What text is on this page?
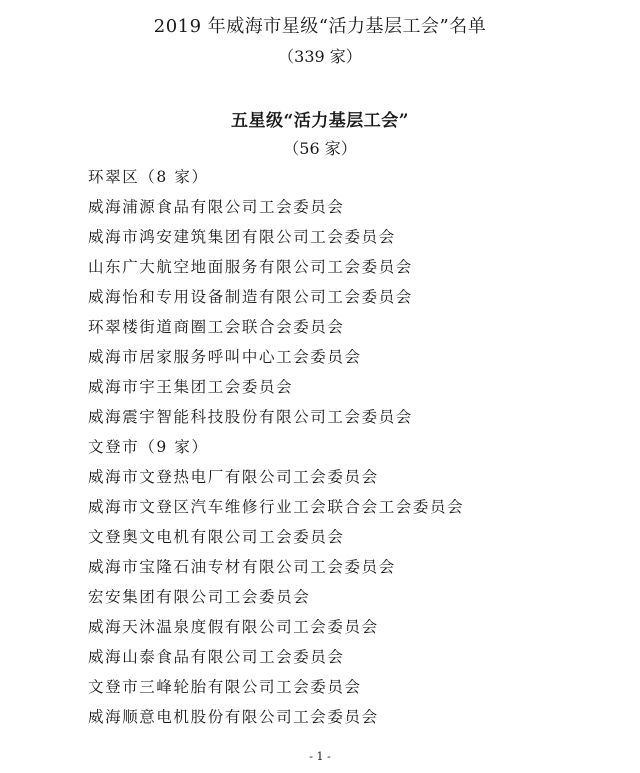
2019 年威海市星级“活力基层工会”名单
（339 家）
五星级“活力基层工会”
（56 家）
环翠区（8 家）
威海浦源食品有限公司工会委员会
威海市鸿安建筑集团有限公司工会委员会
山东广大航空地面服务有限公司工会委员会
威海怡和专用设备制造有限公司工会委员会
环翠楼街道商圈工会联合会委员会
威海市居家服务呼叫中心工会委员会
威海市宇王集团工会委员会
威海震宇智能科技股份有限公司工会委员会
文登市（9 家）
威海市文登热电厂有限公司工会委员会
威海市文登区汽车维修行业工会联合会工会委员会
文登奥文电机有限公司工会委员会
威海市宝隆石油专材有限公司工会委员会
宏安集团有限公司工会委员会
威海天沐温泉度假有限公司工会委员会
威海山泰食品有限公司工会委员会
文登市三峰轮胎有限公司工会委员会
威海顺意电机股份有限公司工会委员会
- 1 -
